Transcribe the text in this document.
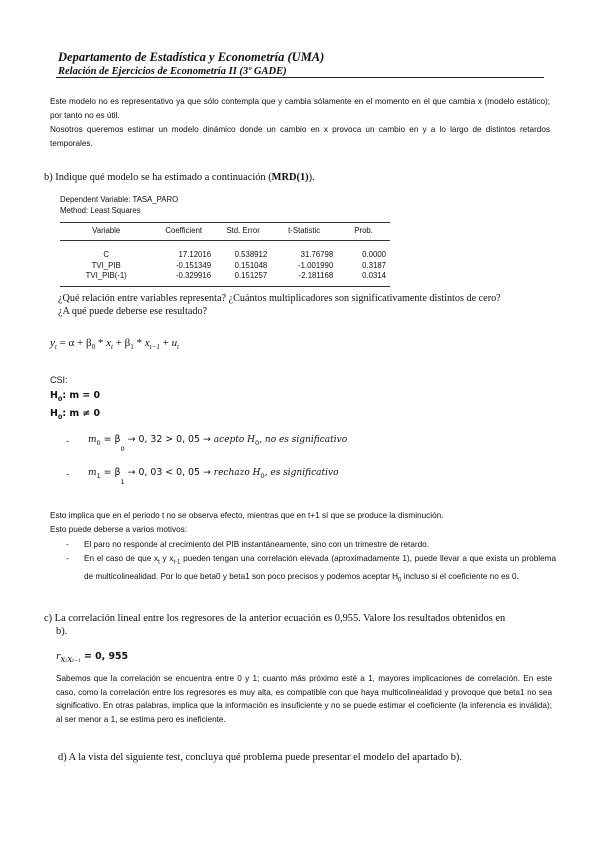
Departamento de Estadística y Econometría (UMA)
Relación de Ejercicios de Econometría II (3º GADE)
Este modelo no es representativo ya que sólo contempla que y cambia sólamente en el momento en el que cambia x (modelo estático); por tanto no es útil.
Nosotros queremos estimar un modelo dinámico donde un cambio en x provoca un cambio en y a lo largo de distintos retardos temporales.
b) Indique qué modelo se ha estimado a continuación (MRD(1)).
Dependent Variable: TASA_PARO
Method: Least Squares
Variable	Coefficient	Std. Error	t-Statistic	Prob.
C	17.12016	0.538912	31.76798	0.0000
TVI_PIB	-0.151349	0.151048	-1.001990	0.3187
TVI_PIB(-1)	-0.329916	0.151257	-2.181168	0.0314
¿Qué relación entre variables representa? ¿Cuántos multiplicadores son significativamente distintos de cero?
¿A qué puede deberse ese resultado?
$y_t = \alpha + \beta_0 * x_t + \beta_1 * x_{t-1} + u_t$
CSI:
$H_0$: m = 0
$H_0$: m ≠ 0
- $m_0 = \beta_0 \to 0$, 32 > 0, 05 → acepto $H_0$, no es significativo
- $m_1 = \beta_1 \to 0$, 03 < 0, 05 → rechazo $H_0$, es significativo
Esto implica que en el periodo t no se observa efecto, mientras que en t+1 sí que se produce la disminución.
Esto puede deberse a varios motivos:
- El paro no responde al crecimiento del PIB instantáneamente, sino con un trimestre de retardo.
- En el caso de que $x_t$ y $x_{t-1}$ pueden tengan una correlación elevada (aproximadamente 1), puede llevar a que exista un problema de multicolinealidad. Por lo que beta0 y beta1 son poco precisos y podemos aceptar $H_0$ incluso si el coeficiente no es 0.
c) La correlación lineal entre los regresores de la anterior ecuación es 0,955. Valore los resultados obtenidos en
b).
$r_{xtxt-1} = 0$, 955
Sabemos que la correlación se encuentra entre 0 y 1; cuanto más próximo esté a 1, mayores implicaciones de correlación. En este caso, como la correlación entre los regresores es muy alta, es compatible con que haya multicolinealidad y provoque que beta1 no sea significativo. En otras palabras, implica que la información es insuficiente y no se puede estimar el coeficiente (la inferencia es inválida); al ser menor a 1, se estima pero es ineficiente.
d) A la vista del siguiente test, concluya qué problema puede presentar el modelo del apartado b).
